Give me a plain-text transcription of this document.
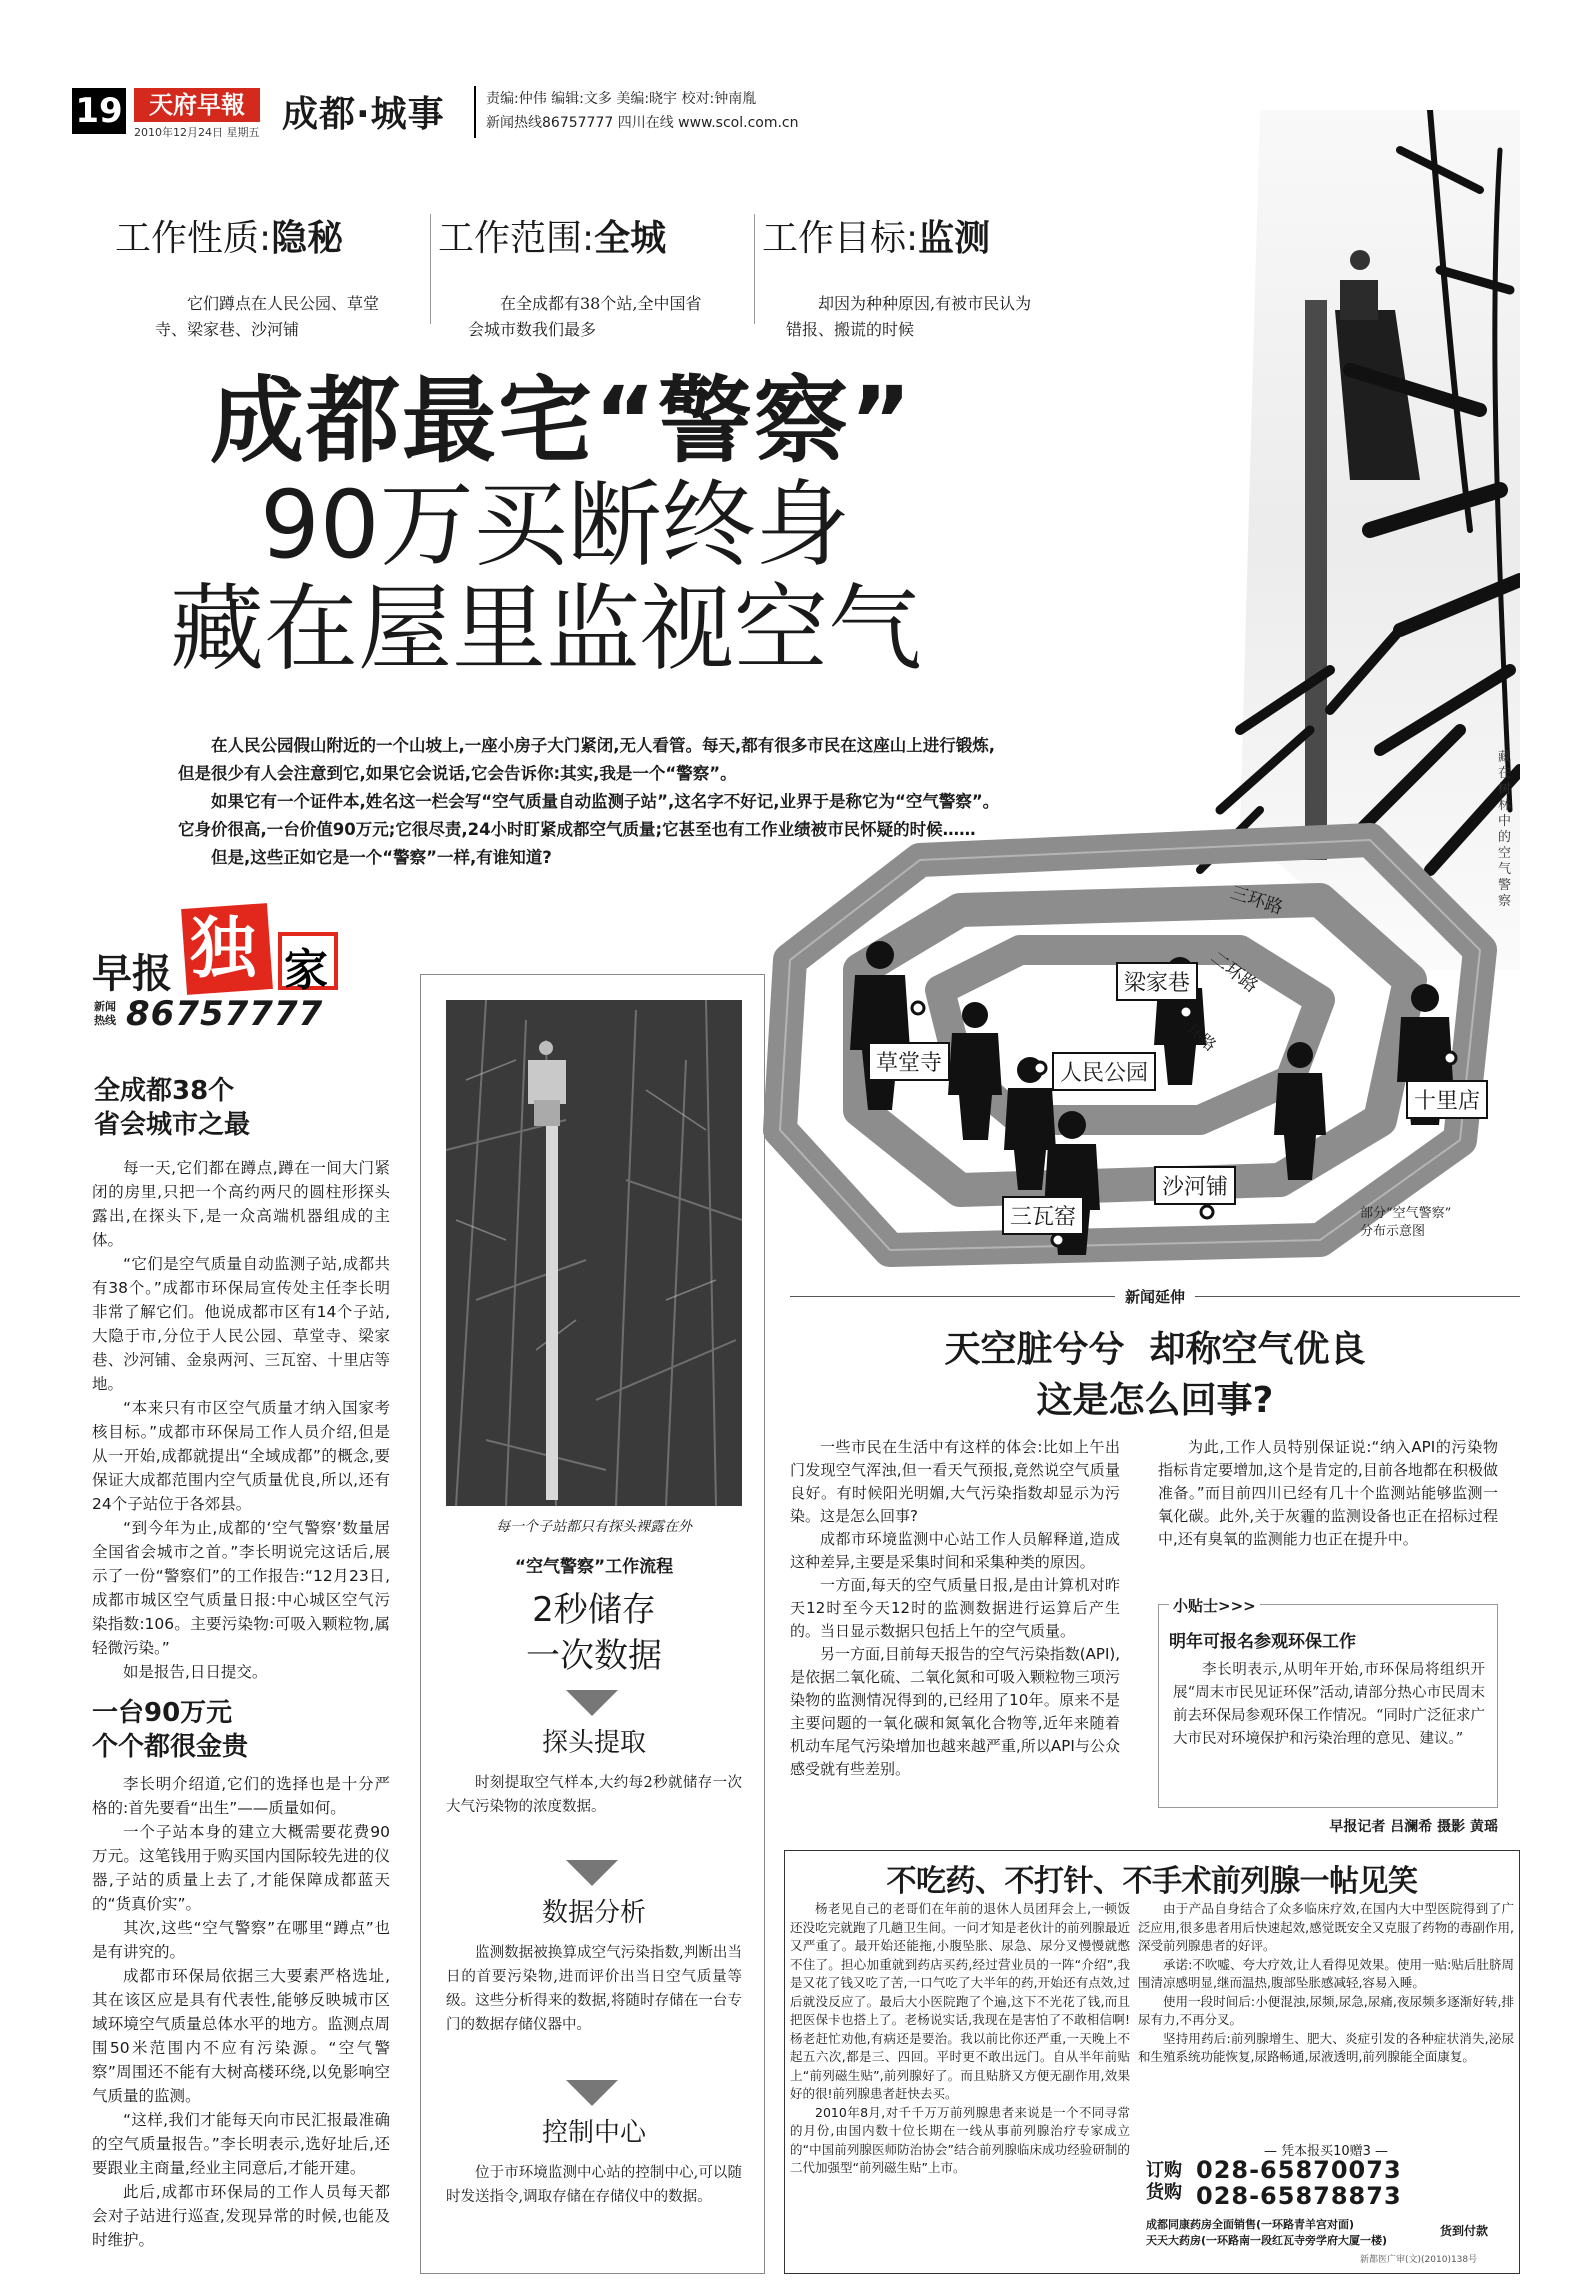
19	天府早報
2010年12月24日 星期五 成都·城事	责编:仲伟 编辑:文多 美编:晓宇 校对:钟南胤
新闻热线86757777 四川在线 www.scol.com.cn
藏在树林中的空气警察
工作性质:隐秘
它们蹲点在人民公园、草堂寺、梁家巷、沙河铺
工作范围:全城
在全成都有38个站,全中国省会城市数我们最多
工作目标:监测
却因为种种原因,有被市民认为错报、搬谎的时候
成都最宅“警察”
90万买断终身
藏在屋里监视空气

在人民公园假山附近的一个山坡上,一座小房子大门紧闭,无人看管。每天,都有很多市民在这座山上进行锻炼,但是很少有人会注意到它,如果它会说话,它会告诉你:其实,我是一个“警察”。

如果它有一个证件本,姓名这一栏会写“空气质量自动监测子站”,这名字不好记,业界于是称它为“空气警察”。它身价很高,一台价值90万元;它很尽责,24小时盯紧成都空气质量;它甚至也有工作业绩被市民怀疑的时候……

但是,这些正如它是一个“警察”一样,有谁知道?

早报 独 家
新闻
热线 86757777
全成都38个
省会城市之最

每一天,它们都在蹲点,蹲在一间大门紧闭的房里,只把一个高约两尺的圆柱形探头露出,在探头下,是一众高端机器组成的主体。

“它们是空气质量自动监测子站,成都共有38个。”成都市环保局宣传处主任李长明非常了解它们。他说成都市区有14个子站,大隐于市,分位于人民公园、草堂寺、梁家巷、沙河铺、金泉两河、三瓦窑、十里店等地。

“本来只有市区空气质量才纳入国家考核目标。”成都市环保局工作人员介绍,但是从一开始,成都就提出“全域成都”的概念,要保证大成都范围内空气质量优良,所以,还有24个子站位于各郊县。

“到今年为止,成都的‘空气警察’数量居全国省会城市之首。”李长明说完这话后,展示了一份“警察们”的工作报告:“12月23日,成都市城区空气质量日报:中心城区空气污染指数:106。主要污染物:可吸入颗粒物,属轻微污染。”

如是报告,日日提交。

一台90万元
个个都很金贵

李长明介绍道,它们的选择也是十分严格的:首先要看“出生”——质量如何。

一个子站本身的建立大概需要花费90万元。这笔钱用于购买国内国际较先进的仪器,子站的质量上去了,才能保障成都蓝天的“货真价实”。

其次,这些“空气警察”在哪里“蹲点”也是有讲究的。

成都市环保局依据三大要素严格选址,其在该区应是具有代表性,能够反映城市区域环境空气质量总体水平的地方。监测点周围50米范围内不应有污染源。“空气警察”周围还不能有大树高楼环绕,以免影响空气质量的监测。

“这样,我们才能每天向市民汇报最准确的空气质量报告。”李长明表示,选好址后,还要跟业主商量,经业主同意后,才能开建。

此后,成都市环保局的工作人员每天都会对子站进行巡查,发现异常的时候,也能及时维护。

每一个子站都只有探头裸露在外
“空气警察”工作流程
2秒储存
一次数据
探头提取

时刻提取空气样本,大约每2秒就储存一次大气污染物的浓度数据。

数据分析

监测数据被换算成空气污染指数,判断出当日的首要污染物,进而评价出当日空气质量等级。这些分析得来的数据,将随时存储在一台专门的数据存储仪器中。

控制中心

位于市环境监测中心站的控制中心,可以随时发送指令,调取存储在存储仪中的数据。

三环路
二环路
一环路
草堂寺
梁家巷
人民公园
十里店
三瓦窑
沙河铺
部分“空气警察”
分布示意图
新闻延伸
天空脏兮兮  却称空气优良
这是怎么回事?

一些市民在生活中有这样的体会:比如上午出门发现空气浑浊,但一看天气预报,竟然说空气质量良好。有时候阳光明媚,大气污染指数却显示为污染。这是怎么回事?

成都市环境监测中心站工作人员解释道,造成这种差异,主要是采集时间和采集种类的原因。

一方面,每天的空气质量日报,是由计算机对昨天12时至今天12时的监测数据进行运算后产生的。当日显示数据只包括上午的空气质量。

另一方面,目前每天报告的空气污染指数(API),是依据二氧化硫、二氧化氮和可吸入颗粒物三项污染物的监测情况得到的,已经用了10年。原来不是主要问题的一氧化碳和氮氧化合物等,近年来随着机动车尾气污染增加也越来越严重,所以API与公众感受就有些差别。

为此,工作人员特别保证说:“纳入API的污染物指标肯定要增加,这个是肯定的,目前各地都在积极做准备。”而目前四川已经有几十个监测站能够监测一氧化碳。此外,关于灰霾的监测设备也正在招标过程中,还有臭氧的监测能力也正在提升中。

小贴士>>>
明年可报名参观环保工作

李长明表示,从明年开始,市环保局将组织开展“周末市民见证环保”活动,请部分热心市民周末前去环保局参观环保工作情况。“同时广泛征求广大市民对环境保护和污染治理的意见、建议。”

早报记者 吕澜希 摄影 黄瑶
不吃药、不打针、不手术前列腺一帖见笑

杨老见自己的老哥们在年前的退休人员团拜会上,一顿饭还没吃完就跑了几趟卫生间。一问才知是老伙计的前列腺最近又严重了。最开始还能拖,小腹坠胀、尿急、尿分叉慢慢就憋不住了。担心加重就到药店买药,经过营业员的一阵“介绍”,我是又花了钱又吃了苦,一口气吃了大半年的药,开始还有点效,过后就没反应了。最后大小医院跑了个遍,这下不光花了钱,而且把医保卡也搭上了。老杨说实话,我现在是害怕了不敢相信啊!杨老赶忙劝他,有病还是要治。我以前比你还严重,一天晚上不起五六次,都是三、四回。平时更不敢出远门。自从半年前贴上“前列磁生贴”,前列腺好了。而且贴脐又方便无副作用,效果好的很!前列腺患者赶快去买。

2010年8月,对千千万万前列腺患者来说是一个不同寻常的月份,由国内数十位长期在一线从事前列腺治疗专家成立的“中国前列腺医师防治协会”结合前列腺临床成功经验研制的二代加强型“前列磁生贴”上市。

由于产品自身结合了众多临床疗效,在国内大中型医院得到了广泛应用,很多患者用后快速起效,感觉既安全又克服了药物的毒副作用,深受前列腺患者的好评。

承诺:不吹嘘、夸大疗效,让人看得见效果。使用一贴:贴后肚脐周围清凉感明显,继而温热,腹部坠胀感减轻,容易入睡。

使用一段时间后:小便混浊,尿频,尿急,尿痛,夜尿频多逐渐好转,排尿有力,不再分叉。

坚持用药后:前列腺增生、肥大、炎症引发的各种症状消失,泌尿和生殖系统功能恢复,尿路畅通,尿液透明,前列腺能全面康复。

— 凭本报买10赠3 —
订购
货购
028-65870073
028-65878873
成都同康药房全面销售(一环路青羊宫对面)
天天大药房(一环路南一段红瓦寺旁学府大厦一楼)
货到付款
新都医广审(文)(2010)138号
